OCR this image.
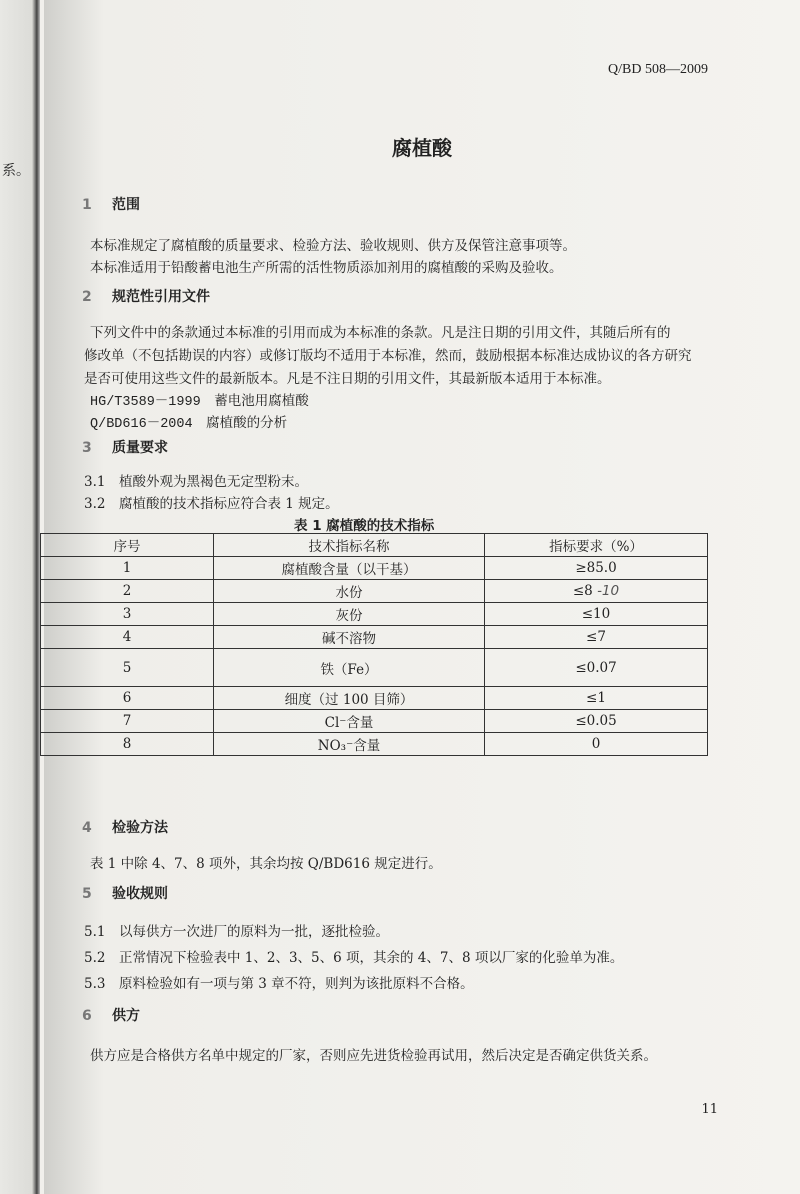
系。
Q/BD 508—2009
腐植酸
1 范围
本标准规定了腐植酸的质量要求、检验方法、验收规则、供方及保管注意事项等。
本标准适用于铅酸蓄电池生产所需的活性物质添加剂用的腐植酸的采购及验收。
2 规范性引用文件
下列文件中的条款通过本标准的引用而成为本标准的条款。凡是注日期的引用文件，其随后所有的
修改单（不包括勘误的内容）或修订版均不适用于本标准，然而，鼓励根据本标准达成协议的各方研究
是否可使用这些文件的最新版本。凡是不注日期的引用文件，其最新版本适用于本标准。
HG/T3589－1999　蓄电池用腐植酸
Q/BD616－2004　腐植酸的分析
3 质量要求
3.1　植酸外观为黑褐色无定型粉末。
3.2　腐植酸的技术指标应符合表 1 规定。
表 1 腐植酸的技术指标
序号	技术指标名称	指标要求（%）
1	腐植酸含量（以干基）	≥85.0
2	水份	≤8 -10
3	灰份	≤10
4	碱不溶物	≤7
5	铁（Fe）	≤0.07
6	细度（过 100 目筛）	≤1
7	Cl⁻含量	≤0.05
8	NO₃⁻含量	0
4 检验方法
表 1 中除 4、7、8 项外，其余均按 Q/BD616 规定进行。
5 验收规则
5.1　以每供方一次进厂的原料为一批，逐批检验。
5.2　正常情况下检验表中 1、2、3、5、6 项，其余的 4、7、8 项以厂家的化验单为准。
5.3　原料检验如有一项与第 3 章不符，则判为该批原料不合格。
6 供方
供方应是合格供方名单中规定的厂家，否则应先进货检验再试用，然后决定是否确定供货关系。
11
